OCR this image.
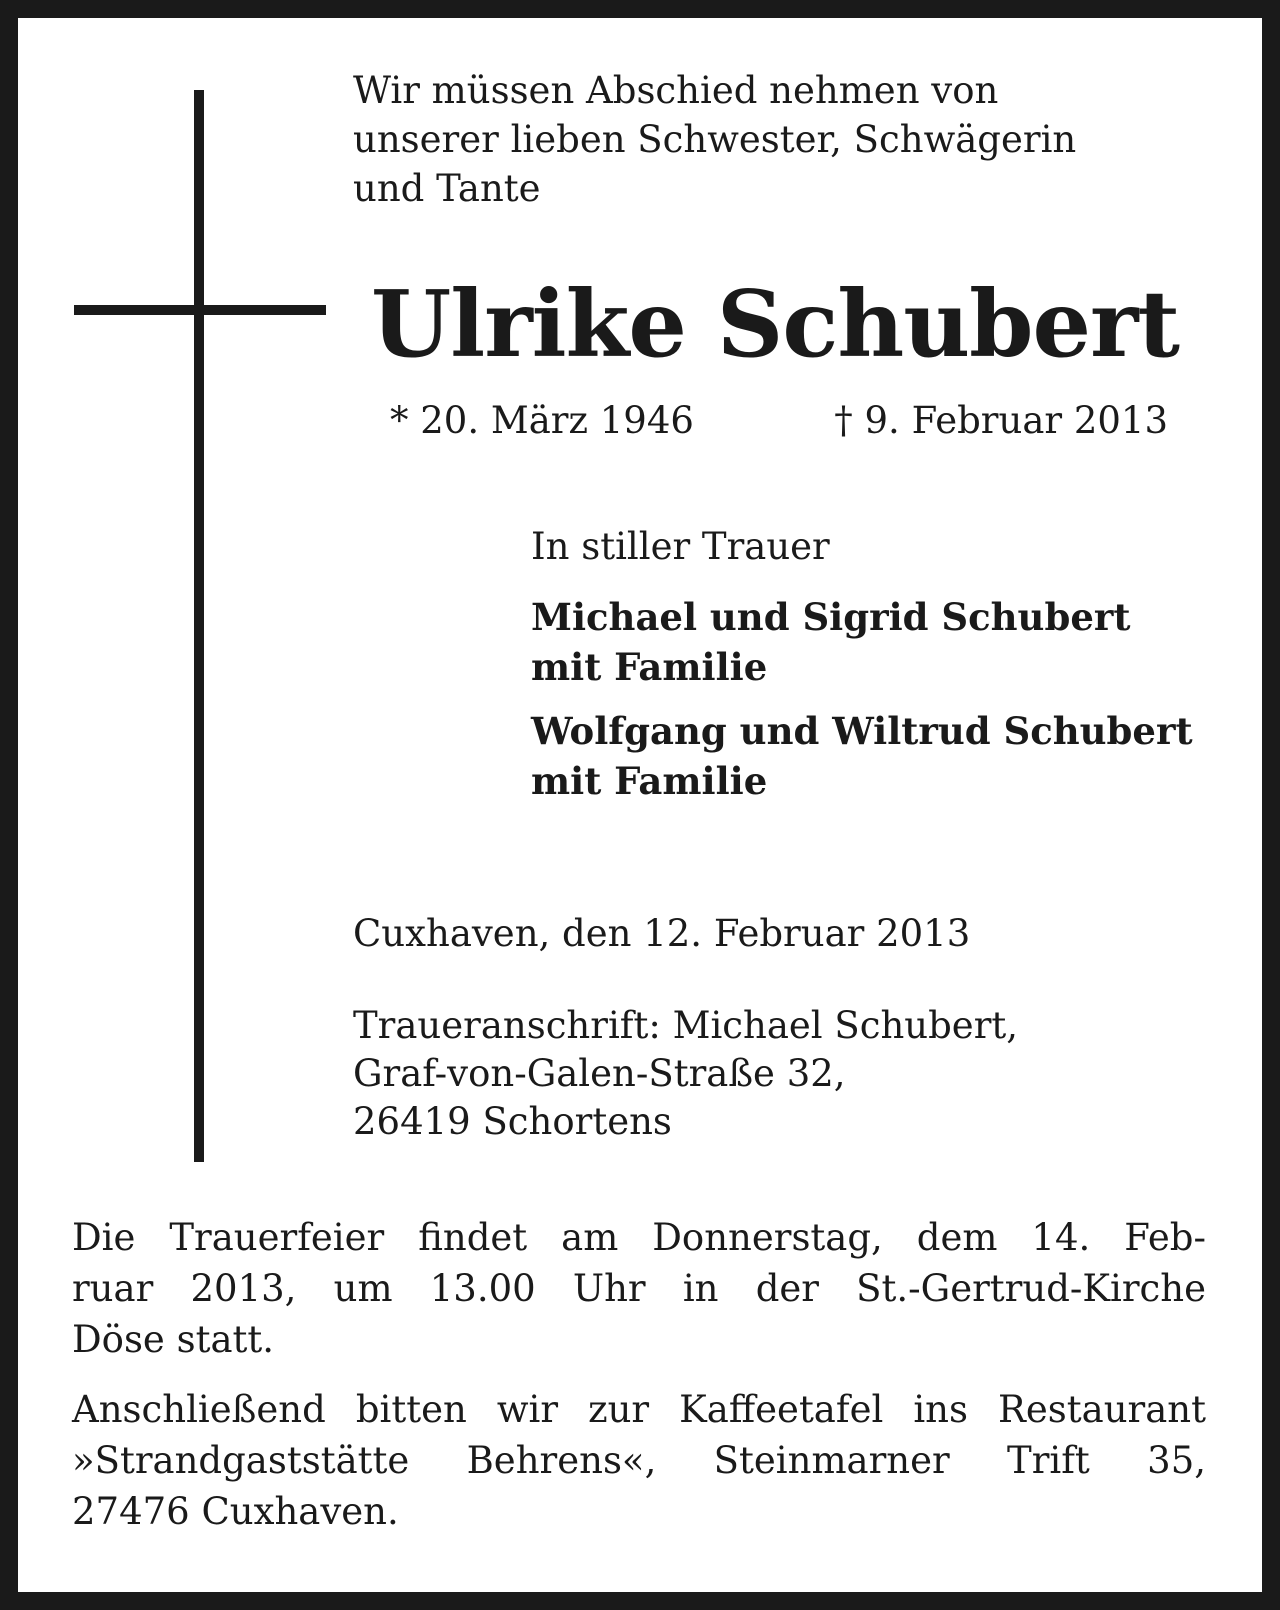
Wir müssen Abschied nehmen von
unserer lieben Schwester, Schwägerin
und Tante
Ulrike Schubert
* 20. März 1946	† 9. Februar 2013
In stiller Trauer
Michael und Sigrid Schubert
mit Familie
Wolfgang und Wiltrud Schubert
mit Familie
Cuxhaven, den 12. Februar 2013
Traueranschrift: Michael Schubert,
Graf-von-Galen-Straße 32,
26419 Schortens
Die Trauerfeier findet am Donnerstag, dem 14. Feb-
ruar 2013, um 13.00 Uhr in der St.-Gertrud-Kirche
Döse statt.
Anschließend bitten wir zur Kaffeetafel ins Restaurant
»Strandgaststätte Behrens«, Steinmarner Trift 35,
27476 Cuxhaven.
